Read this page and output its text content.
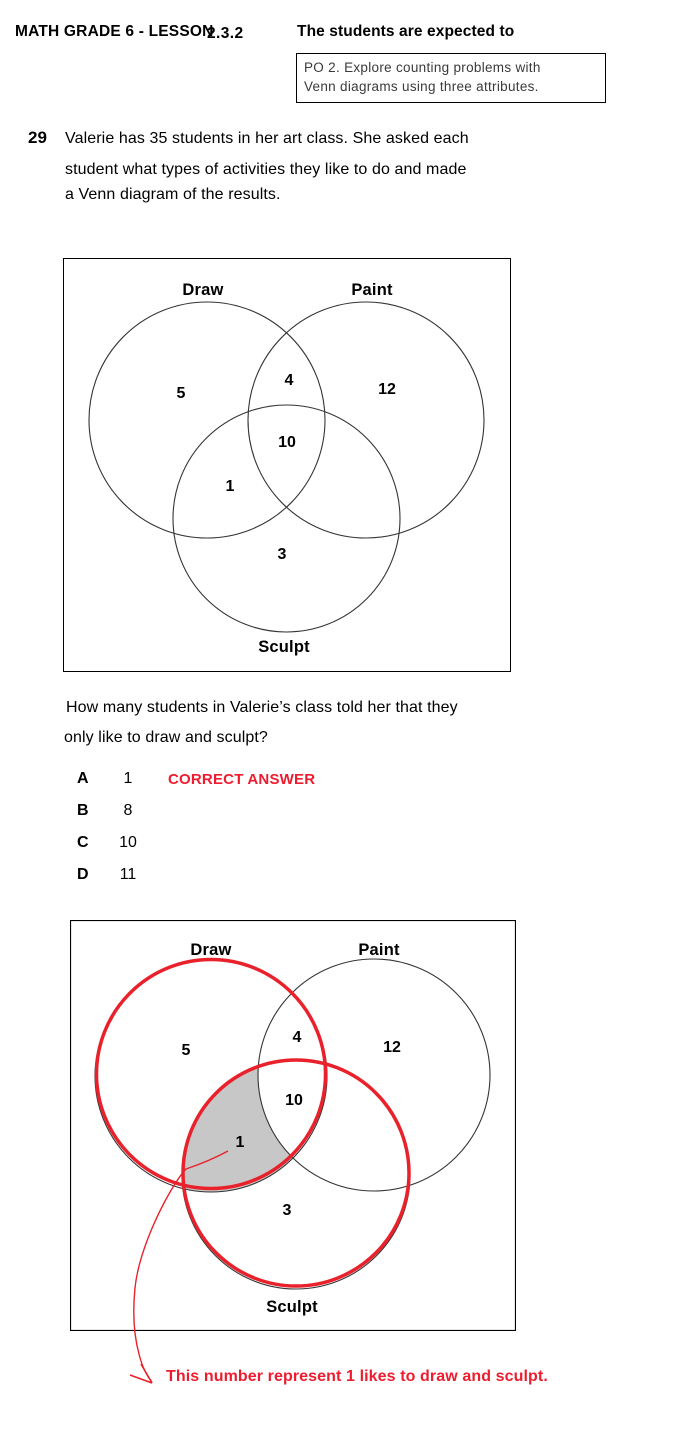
MATH GRADE 6 - LESSON
2.3.2	The students are expected to
PO 2. Explore counting problems with
Venn diagrams using three attributes.
29 Valerie has 35 students in her art class. She asked each
student what types of activities they like to do and made
a Venn diagram of the results.
Draw	Paint
Sculpt
5
4
12
10
1
3
How many students in Valerie’s class told her that they
only like to draw and sculpt?
A	1	CORRECT ANSWER
B	8
C	10
D	11
Draw	Paint
Sculpt
5
4
12
10
1
3
This number represent 1 likes to draw and sculpt.
